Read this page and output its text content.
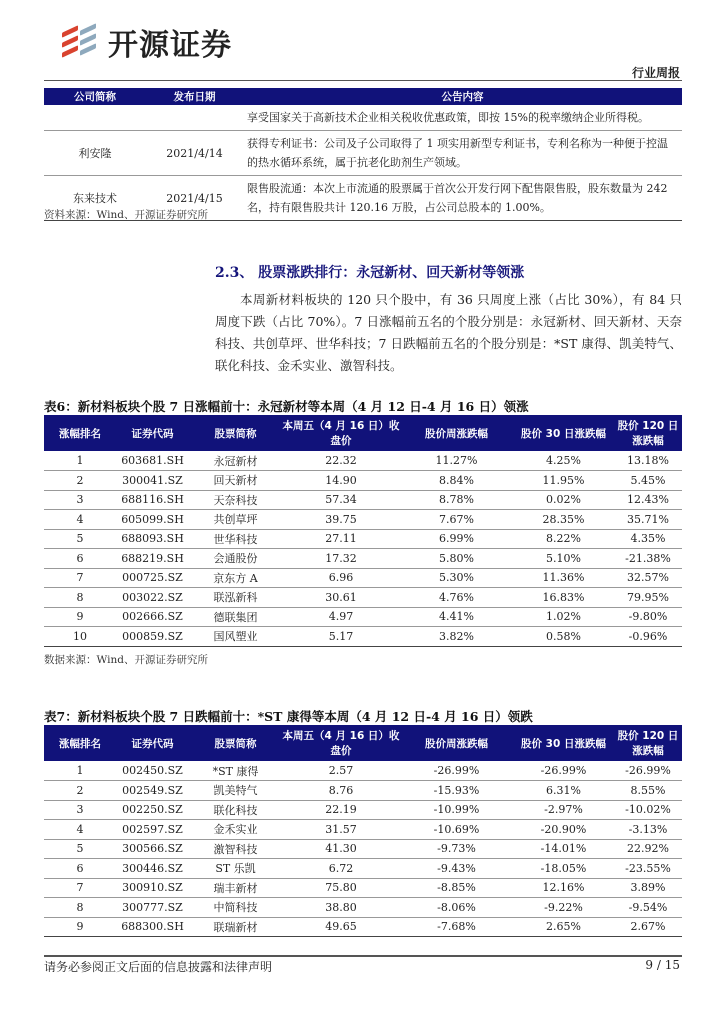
开源证券
行业周报
公司简称	发布日期	公告内容
		享受国家关于高新技术企业相关税收优惠政策，即按 15%的税率缴纳企业所得税。
利安隆	2021/4/14	获得专利证书：公司及子公司取得了 1 项实用新型专利证书，专利名称为一种便于控温的热水循环系统，属于抗老化助剂生产领域。
东来技术	2021/4/15	限售股流通：本次上市流通的股票属于首次公开发行网下配售限售股，股东数量为 242 名，持有限售股共计 120.16 万股，占公司总股本的 1.00%。
资料来源：Wind、开源证券研究所
2.3、 股票涨跌排行：永冠新材、回天新材等领涨
本周新材料板块的 120 只个股中，有 36 只周度上涨（占比 30%），有 84 只周度下跌（占比 70%）。7 日涨幅前五名的个股分别是：永冠新材、回天新材、天奈科技、共创草坪、世华科技；7 日跌幅前五名的个股分别是：*ST 康得、凯美特气、联化科技、金禾实业、激智科技。
表6：新材料板块个股 7 日涨幅前十：永冠新材等本周（4 月 12 日-4 月 16 日）领涨
涨幅排名	证券代码	股票简称	本周五（4 月 16 日）收盘价	股价周涨跌幅	股价 30 日涨跌幅	股价 120 日涨跌幅
1	603681.SH	永冠新材	22.32	11.27%	4.25%	13.18%
2	300041.SZ	回天新材	14.90	8.84%	11.95%	5.45%
3	688116.SH	天奈科技	57.34	8.78%	0.02%	12.43%
4	605099.SH	共创草坪	39.75	7.67%	28.35%	35.71%
5	688093.SH	世华科技	27.11	6.99%	8.22%	4.35%
6	688219.SH	会通股份	17.32	5.80%	5.10%	-21.38%
7	000725.SZ	京东方 A	6.96	5.30%	11.36%	32.57%
8	003022.SZ	联泓新科	30.61	4.76%	16.83%	79.95%
9	002666.SZ	德联集团	4.97	4.41%	1.02%	-9.80%
10	000859.SZ	国风塑业	5.17	3.82%	0.58%	-0.96%
数据来源：Wind、开源证券研究所
表7：新材料板块个股 7 日跌幅前十：*ST 康得等本周（4 月 12 日-4 月 16 日）领跌
涨幅排名	证券代码	股票简称	本周五（4 月 16 日）收盘价	股价周涨跌幅	股价 30 日涨跌幅	股价 120 日涨跌幅
1	002450.SZ	*ST 康得	2.57	-26.99%	-26.99%	-26.99%
2	002549.SZ	凯美特气	8.76	-15.93%	6.31%	8.55%
3	002250.SZ	联化科技	22.19	-10.99%	-2.97%	-10.02%
4	002597.SZ	金禾实业	31.57	-10.69%	-20.90%	-3.13%
5	300566.SZ	激智科技	41.30	-9.73%	-14.01%	22.92%
6	300446.SZ	ST 乐凯	6.72	-9.43%	-18.05%	-23.55%
7	300910.SZ	瑞丰新材	75.80	-8.85%	12.16%	3.89%
8	300777.SZ	中简科技	38.80	-8.06%	-9.22%	-9.54%
9	688300.SH	联瑞新材	49.65	-7.68%	2.65%	2.67%
请务必参阅正文后面的信息披露和法律声明	9 / 15
